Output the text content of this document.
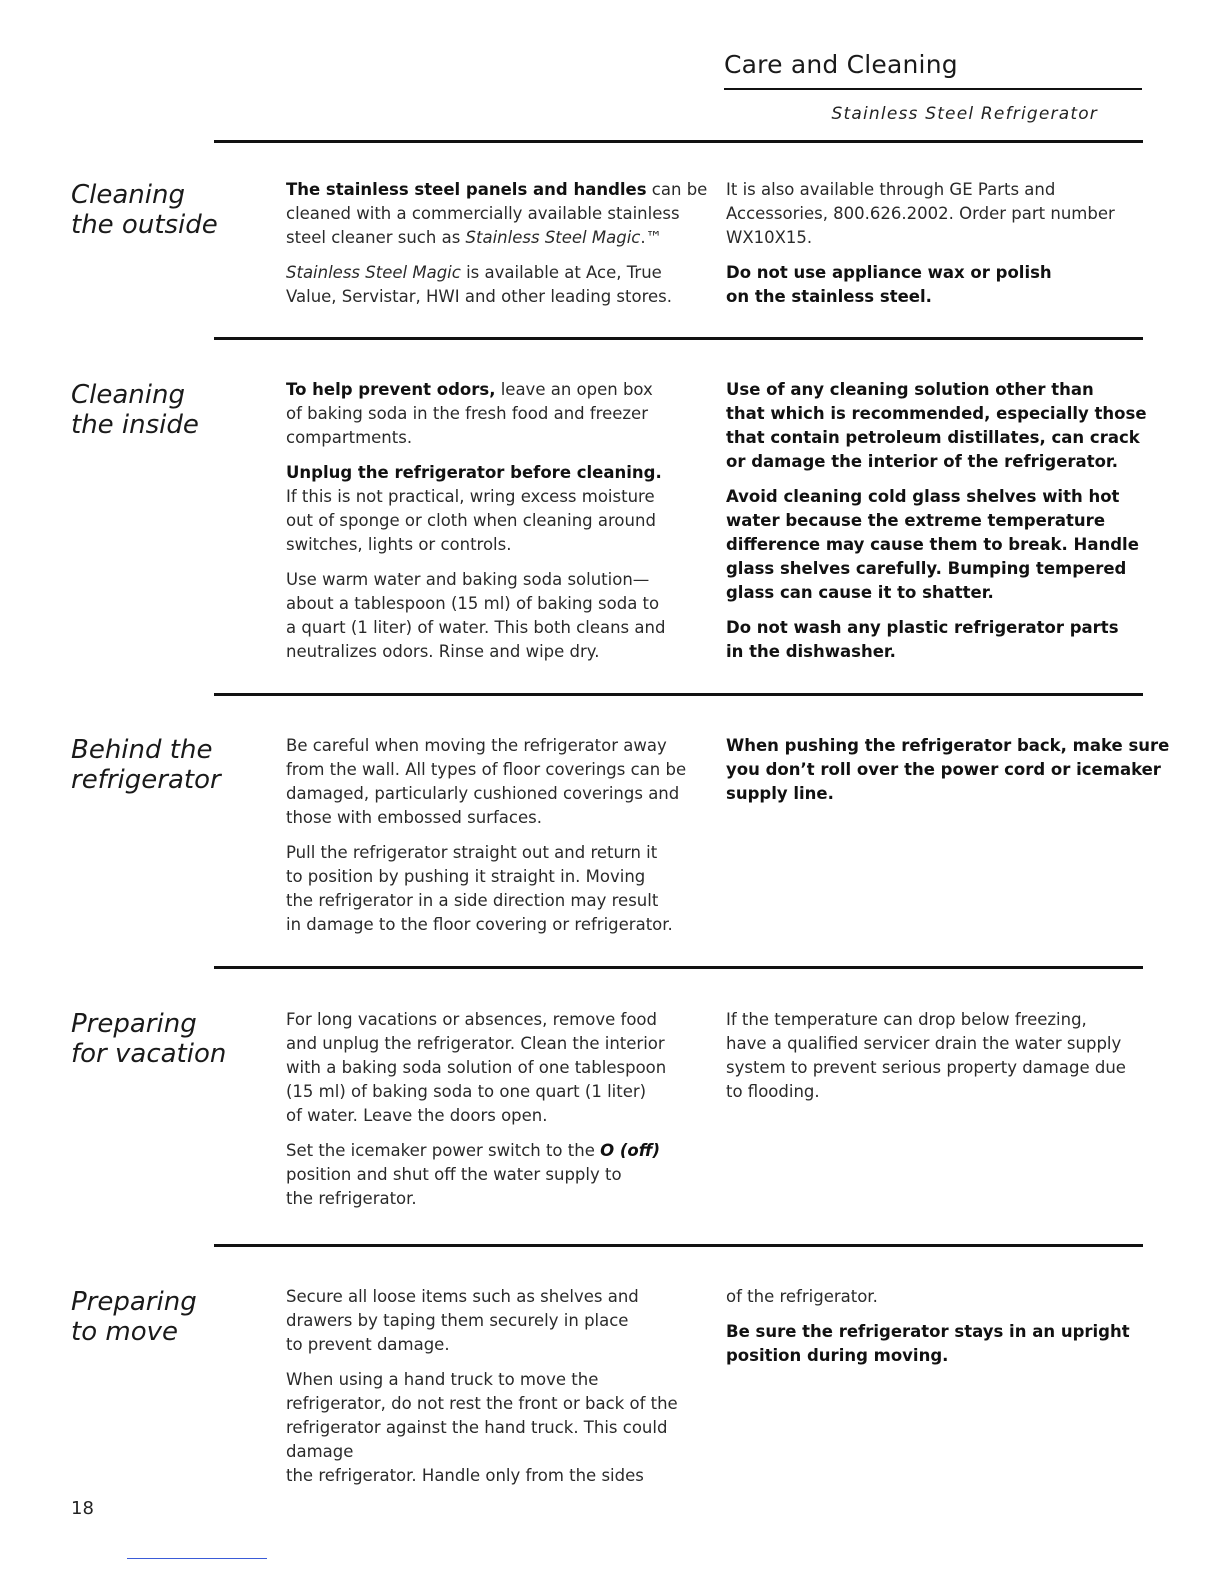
Care and Cleaning
Stainless Steel Refrigerator
Cleaning
the outside

The stainless steel panels and handles can be
cleaned with a commercially available stainless
steel cleaner such as Stainless Steel Magic.™

Stainless Steel Magic is available at Ace, True
Value, Servistar, HWI and other leading stores.

It is also available through GE Parts and
Accessories, 800.626.2002. Order part number
WX10X15.

Do not use appliance wax or polish
on the stainless steel.

Cleaning
the inside

To help prevent odors, leave an open box
of baking soda in the fresh food and freezer
compartments.

Unplug the refrigerator before cleaning.
If this is not practical, wring excess moisture
out of sponge or cloth when cleaning around
switches, lights or controls.

Use warm water and baking soda solution—
about a tablespoon (15 ml) of baking soda to
a quart (1 liter) of water. This both cleans and
neutralizes odors. Rinse and wipe dry.

Use of any cleaning solution other than
that which is recommended, especially those
that contain petroleum distillates, can crack
or damage the interior of the refrigerator.

Avoid cleaning cold glass shelves with hot
water because the extreme temperature
difference may cause them to break. Handle
glass shelves carefully. Bumping tempered
glass can cause it to shatter.

Do not wash any plastic refrigerator parts
in the dishwasher.

Behind the
refrigerator

Be careful when moving the refrigerator away
from the wall. All types of floor coverings can be
damaged, particularly cushioned coverings and
those with embossed surfaces.

Pull the refrigerator straight out and return it
to position by pushing it straight in. Moving
the refrigerator in a side direction may result
in damage to the floor covering or refrigerator.

When pushing the refrigerator back, make sure
you don’t roll over the power cord or icemaker
supply line.

Preparing
for vacation

For long vacations or absences, remove food
and unplug the refrigerator. Clean the interior
with a baking soda solution of one tablespoon
(15 ml) of baking soda to one quart (1 liter)
of water. Leave the doors open.

Set the icemaker power switch to the O (off)
position and shut off the water supply to
the refrigerator.

If the temperature can drop below freezing,
have a qualified servicer drain the water supply
system to prevent serious property damage due
to flooding.

Preparing
to move

Secure all loose items such as shelves and
drawers by taping them securely in place
to prevent damage.

When using a hand truck to move the
refrigerator, do not rest the front or back of the
refrigerator against the hand truck. This could
damage
the refrigerator. Handle only from the sides

of the refrigerator.

Be sure the refrigerator stays in an upright
position during moving.

18
